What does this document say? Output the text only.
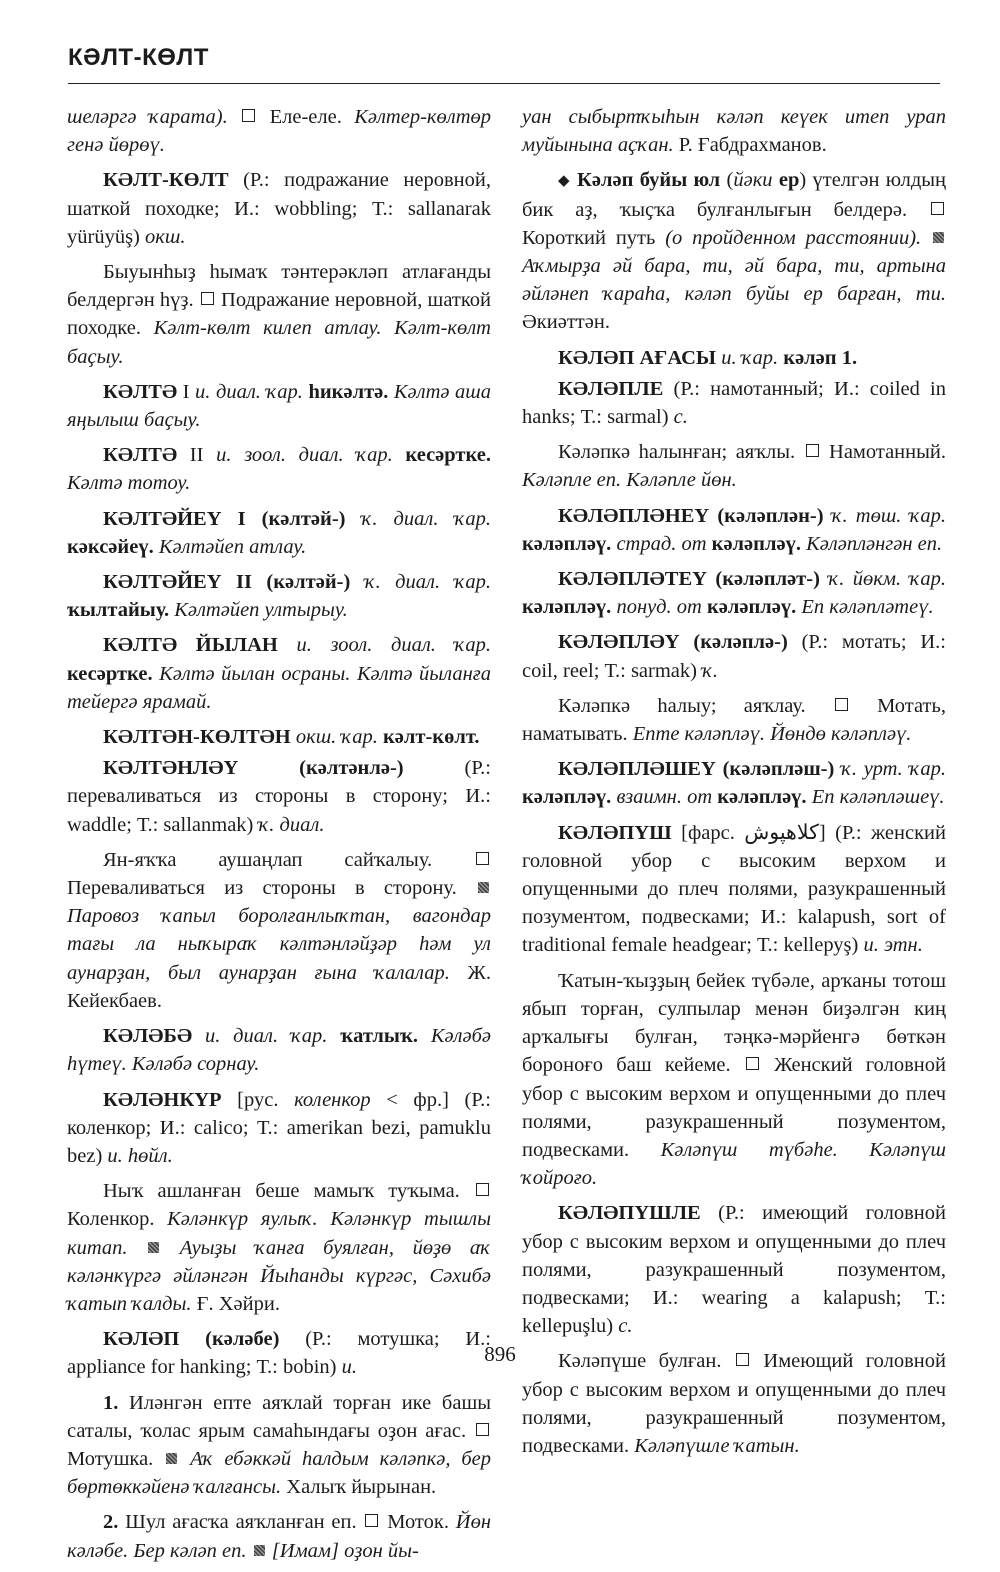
КӘЛТ-КӨЛТ

шеләргә ҡарата).  Еле-еле. Кәлтер-көлтөр генә йөрөү.

КӘЛТ-КӨЛТ (Р.: подражание неровной, шаткой походке; И.: wobbling; Т.: sallanarak yürüyüş) окш.

Быуынһыҙ һымаҡ тәнтерәкләп атлағанды белдергән һүҙ.  Подражание неровной, шаткой походке. Кәлт-көлт килеп атлау. Кәлт-көлт баҫыу.

КӘЛТӘ I и. диал. ҡар. һикәлтә. Кәлтә аша яңылыш баҫыу.

КӘЛТӘ II и. зоол. диал. ҡар. кесәртке. Кәлтә тотоу.

КӘЛТӘЙЕҮ I (кәлтәй-) ҡ. диал. ҡар. кәксәйеү. Кәлтәйеп атлау.

КӘЛТӘЙЕҮ II (кәлтәй-) ҡ. диал. ҡар. ҡылтайыу. Кәлтәйеп ултырыу.

КӘЛТӘ ЙЫЛАН и. зоол. диал. ҡар. кесәртке. Кәлтә йылан осраны. Кәлтә йыланға тейергә ярамай.

КӘЛТӘН-КӨЛТӘН окш. ҡар. кәлт-көлт.

КӘЛТӘНЛӘҮ (кәлтәнлә-) (Р.: переваливаться из стороны в сторону; И.: waddle; Т.: sallanmak) ҡ. диал.

Ян-яҡҡа аушаңлап сайҡалыу.  Переваливаться из стороны в сторону.  Паровоз ҡапыл боролғанлыҡтан, вагондар тағы ла ныҡыраҡ кәлтәнләйҙәр һәм ул аунарҙан, был аунарҙан ғына ҡалалар. Ж. Кейекбаев.

КӘЛӘБӘ и. диал. ҡар. ҡатлыҡ. Кәләбә һүтеү. Кәләбә сорнау.

КӘЛӘНКҮР [рус. коленкор < фр.] (Р.: коленкор; И.: calico; Т.: amerikan bezi, pamuklu bez) и. һөйл.

Ныҡ ашланған беше мамыҡ туҡыма.  Коленкор. Кәләнкүр яулыҡ. Кәләнкүр тышлы китап.  Ауыҙы ҡанға буялған, йөҙө аҡ кәләнкүргә әйләнгән Йыһанды күргәс, Сәхибә ҡатып ҡалды. Ғ. Хәйри.

КӘЛӘП (кәләбе) (Р.: мотушка; И.: appliance for hanking; Т.: bobin) и.

1. Иләнгән епте аяҡлай торған ике башы саталы, ҡолас ярым самаһындағы оҙон ағас.  Мотушка.  Аҡ ебәккәй һалдым кәләпкә, бер бөртөккәйенә ҡалғансы. Халыҡ йырынан.

2. Шул ағасҡа аяҡланған еп.  Моток. Йөн кәләбе. Бер кәләп еп.  [Имам] оҙон йы-

уан сыбыртҡыһын кәләп кеүек итеп урап муйынына аҫҡан. Р. Ғабдрахманов.

◆ Кәләп буйы юл (йәки ер) үтелгән юлдың бик аҙ, ҡыҫҡа булғанлығын белдерә.  Короткий путь (о пройденном расстоянии).  Аҡмырҙа әй бара, ти, әй бара, ти, артына әйләнеп ҡараһа, кәләп буйы ер барған, ти. Әкиәттән.

КӘЛӘП АҒАСЫ и. ҡар. кәләп 1.

КӘЛӘПЛЕ (Р.: намотанный; И.: coiled in hanks; Т.: sarmal) с.

Кәләпкә һалынған; аяҡлы.  Намотанный. Кәләпле еп. Кәләпле йөн.

КӘЛӘПЛӘНЕҮ (кәләплән-) ҡ. төш. ҡар. кәләпләү. страд. от кәләпләү. Кәләпләнгән еп.

КӘЛӘПЛӘТЕҮ (кәләпләт-) ҡ. йөкм. ҡар. кәләпләү. понуд. от кәләпләү. Еп кәләпләтеү.

КӘЛӘПЛӘҮ (кәләплә-) (Р.: мотать; И.: coil, reel; Т.: sarmak) ҡ.

Кәләпкә һалыу; аяҡлау.  Мотать, наматывать. Епте кәләпләү. Йөндө кәләпләү.

КӘЛӘПЛӘШЕҮ (кәләпләш-) ҡ. урт. ҡар. кәләпләү. взаимн. от кәләпләү. Еп кәләпләшеү.

КӘЛӘПҮШ [фарс. کلاهپوش] (Р.: женский головной убор с высоким верхом и опущенными до плеч полями, разукрашенный позументом, подвесками; И.: kalapush, sort of traditional female headgear; Т.: kelleруş) и. этн.

Ҡатын-ҡыҙҙың бейек түбәле, арҡаны тотош ябып торған, сулпылар менән биҙәлгән киң арҡалығы булған, тәңкә-мәрйенгә бөткән бороноғо баш кейеме.  Женский головной убор с высоким верхом и опущенными до плеч полями, разукрашенный позументом, подвесками. Кәләпүш түбәһе. Кәләпүш ҡойроғо.

КӘЛӘПҮШЛЕ (Р.: имеющий головной убор с высоким верхом и опущенными до плеч полями, разукрашенный позументом, подвесками; И.: wearing a kalapush; Т.: kellepuşlu) с.

Кәләпүше булған.  Имеющий головной убор с высоким верхом и опущенными до плеч полями, разукрашенный позументом, подвесками. Кәләпүшле ҡатын.

896
